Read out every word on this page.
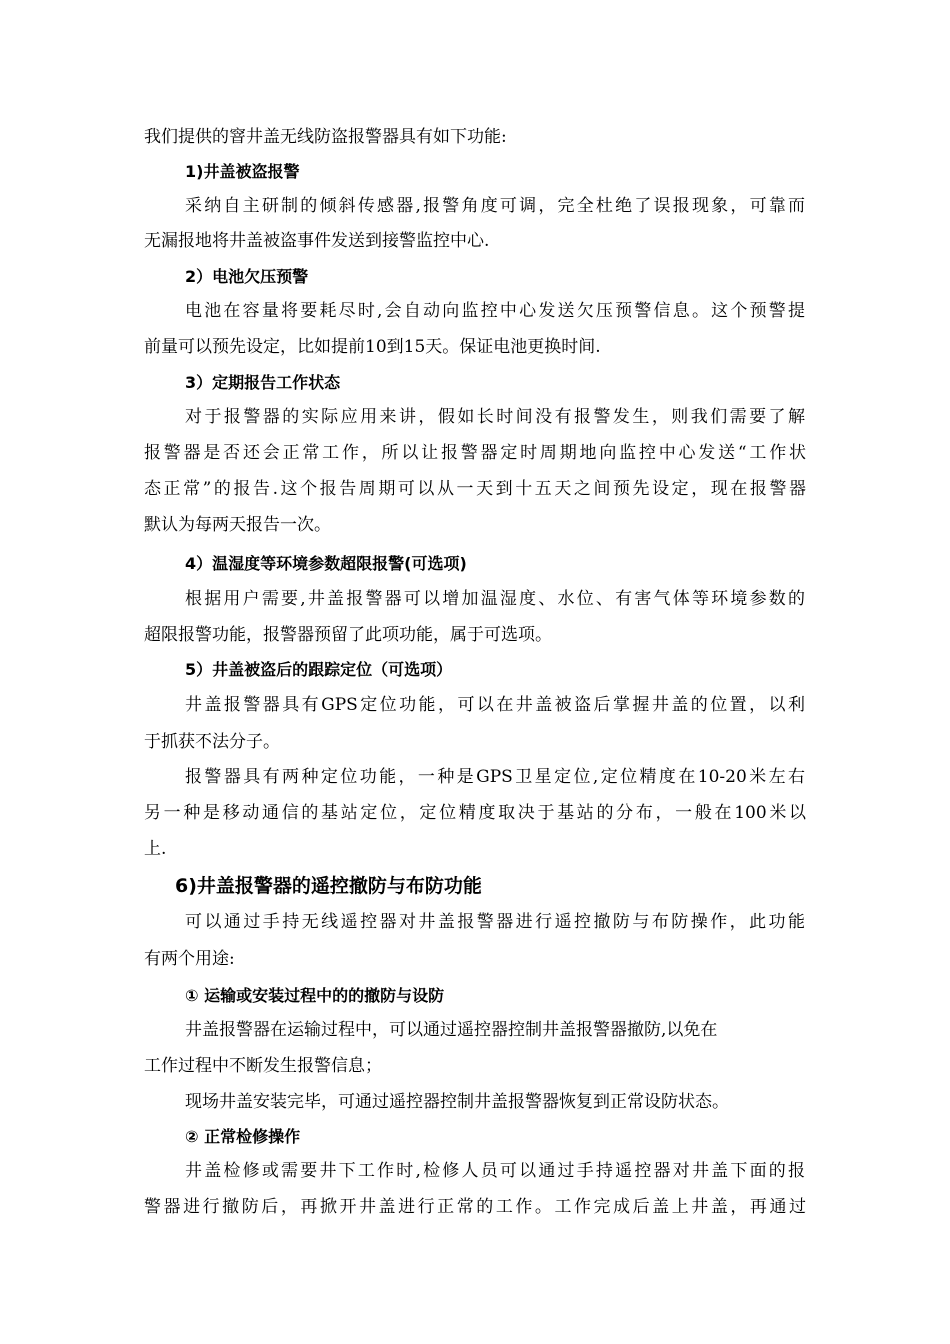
我们提供的窨井盖无线防盗报警器具有如下功能:

1)井盖被盗报警

采纳自主研制的倾斜传感器,报警角度可调，完全杜绝了误报现象，可靠而

无漏报地将井盖被盗事件发送到接警监控中心.

2）电池欠压预警

电池在容量将要耗尽时,会自动向监控中心发送欠压预警信息。这个预警提

前量可以预先设定，比如提前10到15天。保证电池更换时间.

3）定期报告工作状态

对于报警器的实际应用来讲，假如长时间没有报警发生，则我们需要了解

报警器是否还会正常工作，所以让报警器定时周期地向监控中心发送“工作状

态正常”的报告.这个报告周期可以从一天到十五天之间预先设定，现在报警器

默认为每两天报告一次。

4）温湿度等环境参数超限报警(可选项)

根据用户需要,井盖报警器可以增加温湿度、水位、有害气体等环境参数的

超限报警功能，报警器预留了此项功能，属于可选项。

5）井盖被盗后的跟踪定位（可选项）

井盖报警器具有GPS定位功能，可以在井盖被盗后掌握井盖的位置，以利

于抓获不法分子。

报警器具有两种定位功能，一种是GPS卫星定位,定位精度在10-20米左右

另一种是移动通信的基站定位，定位精度取决于基站的分布，一般在100米以

上.

6)井盖报警器的遥控撤防与布防功能

可以通过手持无线遥控器对井盖报警器进行遥控撤防与布防操作，此功能

有两个用途:

① 运输或安装过程中的的撤防与设防

井盖报警器在运输过程中，可以通过遥控器控制井盖报警器撤防,以免在

工作过程中不断发生报警信息；

现场井盖安装完毕，可通过遥控器控制井盖报警器恢复到正常设防状态。

② 正常检修操作

井盖检修或需要井下工作时,检修人员可以通过手持遥控器对井盖下面的报

警器进行撤防后，再掀开井盖进行正常的工作。工作完成后盖上井盖，再通过
